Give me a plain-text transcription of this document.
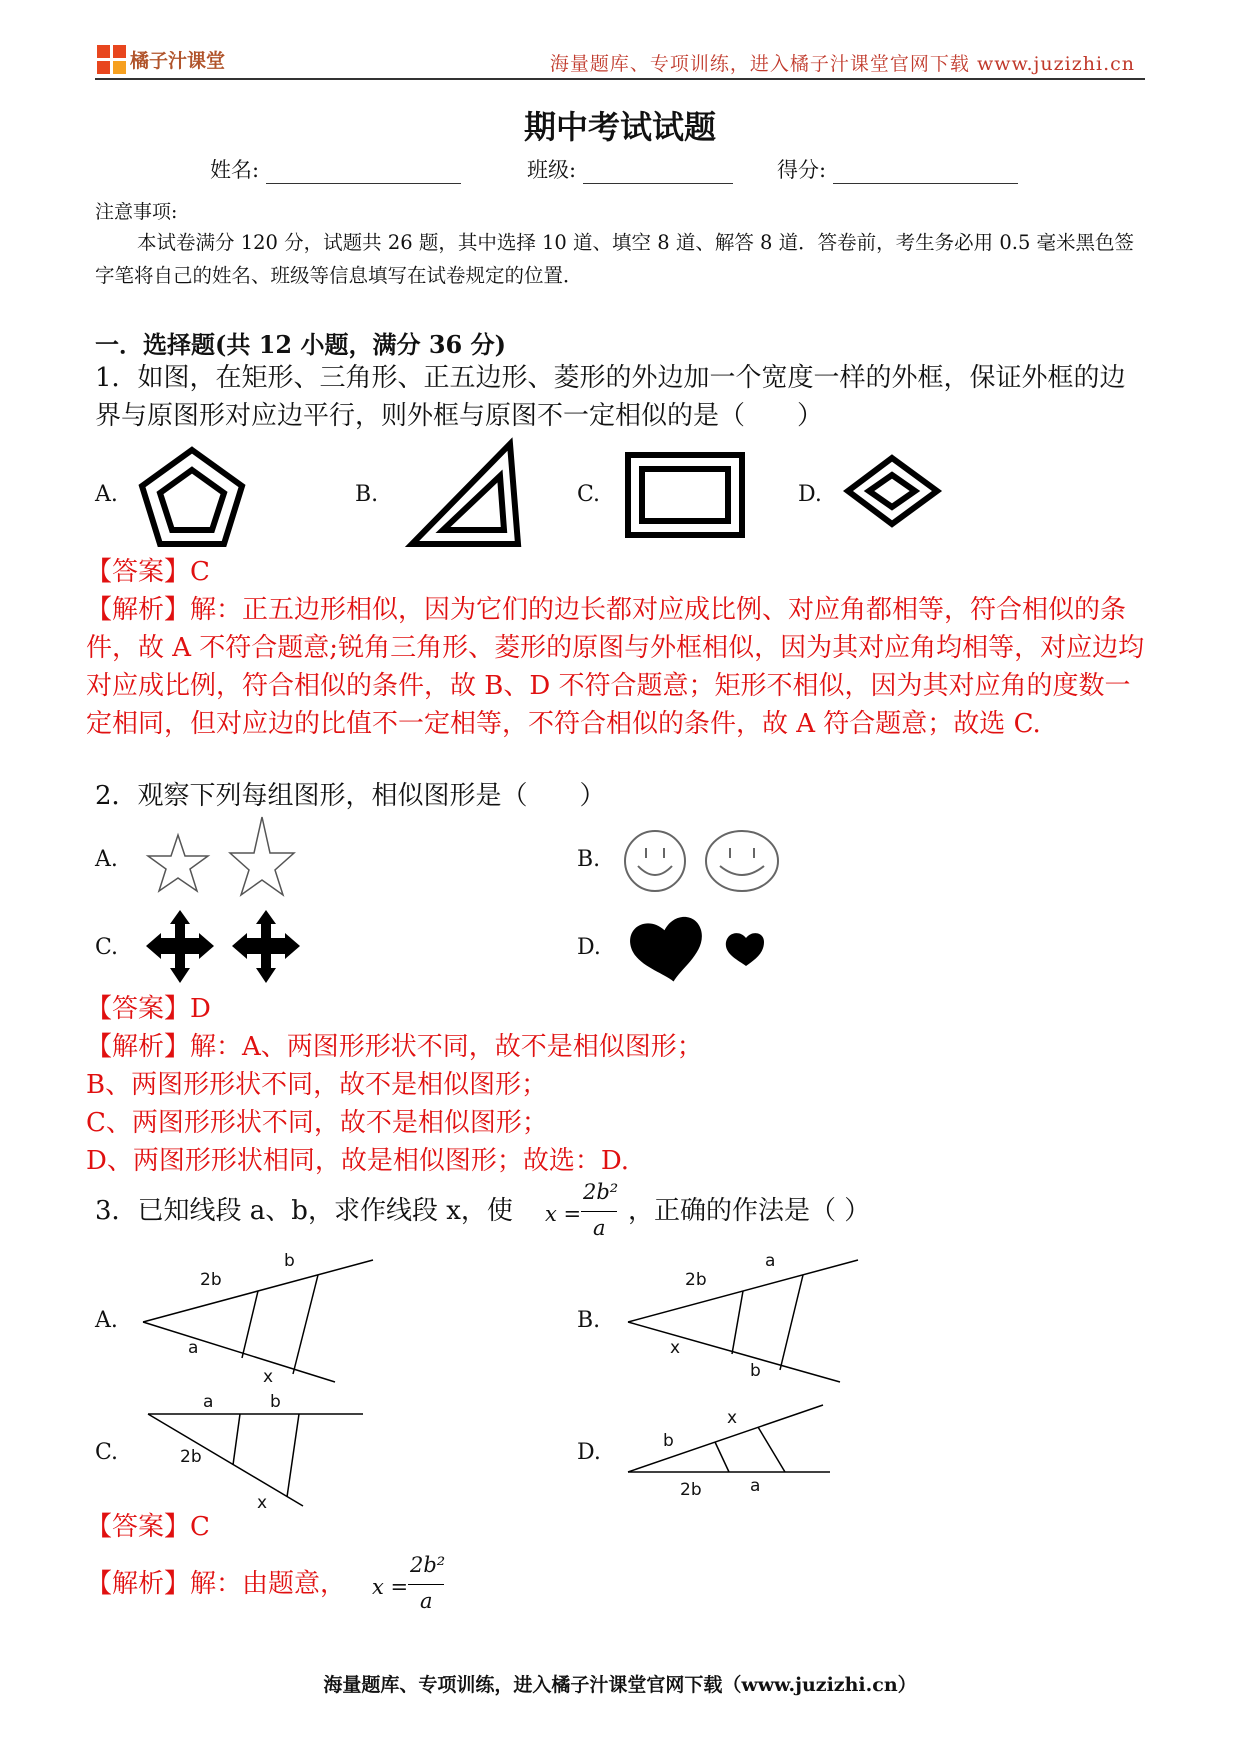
橘子汁课堂	海量题库、专项训练，进入橘子汁课堂官网下载 www.juzizhi.cn
期中考试试题
姓名:	班级:	得分:
注意事项:
本试卷满分 120 分，试题共 26 题，其中选择 10 道、填空 8 道、解答 8 道．答卷前，考生务必用 0.5 毫米黑色签字笔将自己的姓名、班级等信息填写在试卷规定的位置．
一．选择题(共 12 小题，满分 36 分)
1．如图，在矩形、三角形、正五边形、菱形的外边加一个宽度一样的外框，保证外框的边界与原图形对应边平行，则外框与原图不一定相似的是（　　）
A.	B.	C.	D.
【答案】C
【解析】解：正五边形相似，因为它们的边长都对应成比例、对应角都相等，符合相似的条件，故 A 不符合题意;锐角三角形、菱形的原图与外框相似，因为其对应角均相等，对应边均对应成比例，符合相似的条件，故 B、D 不符合题意；矩形不相似，因为其对应角的度数一定相同，但对应边的比值不一定相等，不符合相似的条件，故 A 符合题意；故选 C.
2．观察下列每组图形，相似图形是（　　）
A.	B.
C.	D.
【答案】D
【解析】解：A、两图形形状不同，故不是相似图形；
B、两图形形状不同，故不是相似图形；
C、两图形形状不同，故不是相似图形；
D、两图形形状相同，故是相似图形；故选：D.
3．已知线段 a、b，求作线段 x，使 x =
2b²
a
，正确的作法是（ ）
A.
2b
b
a
x
B.
2b
a
x
b
C.
a	b
2b
x
D.	b
x
2b	a
【答案】C
【解析】解：由题意， x =
2b²
a
海量题库、专项训练，进入橘子汁课堂官网下载（www.juzizhi.cn）
